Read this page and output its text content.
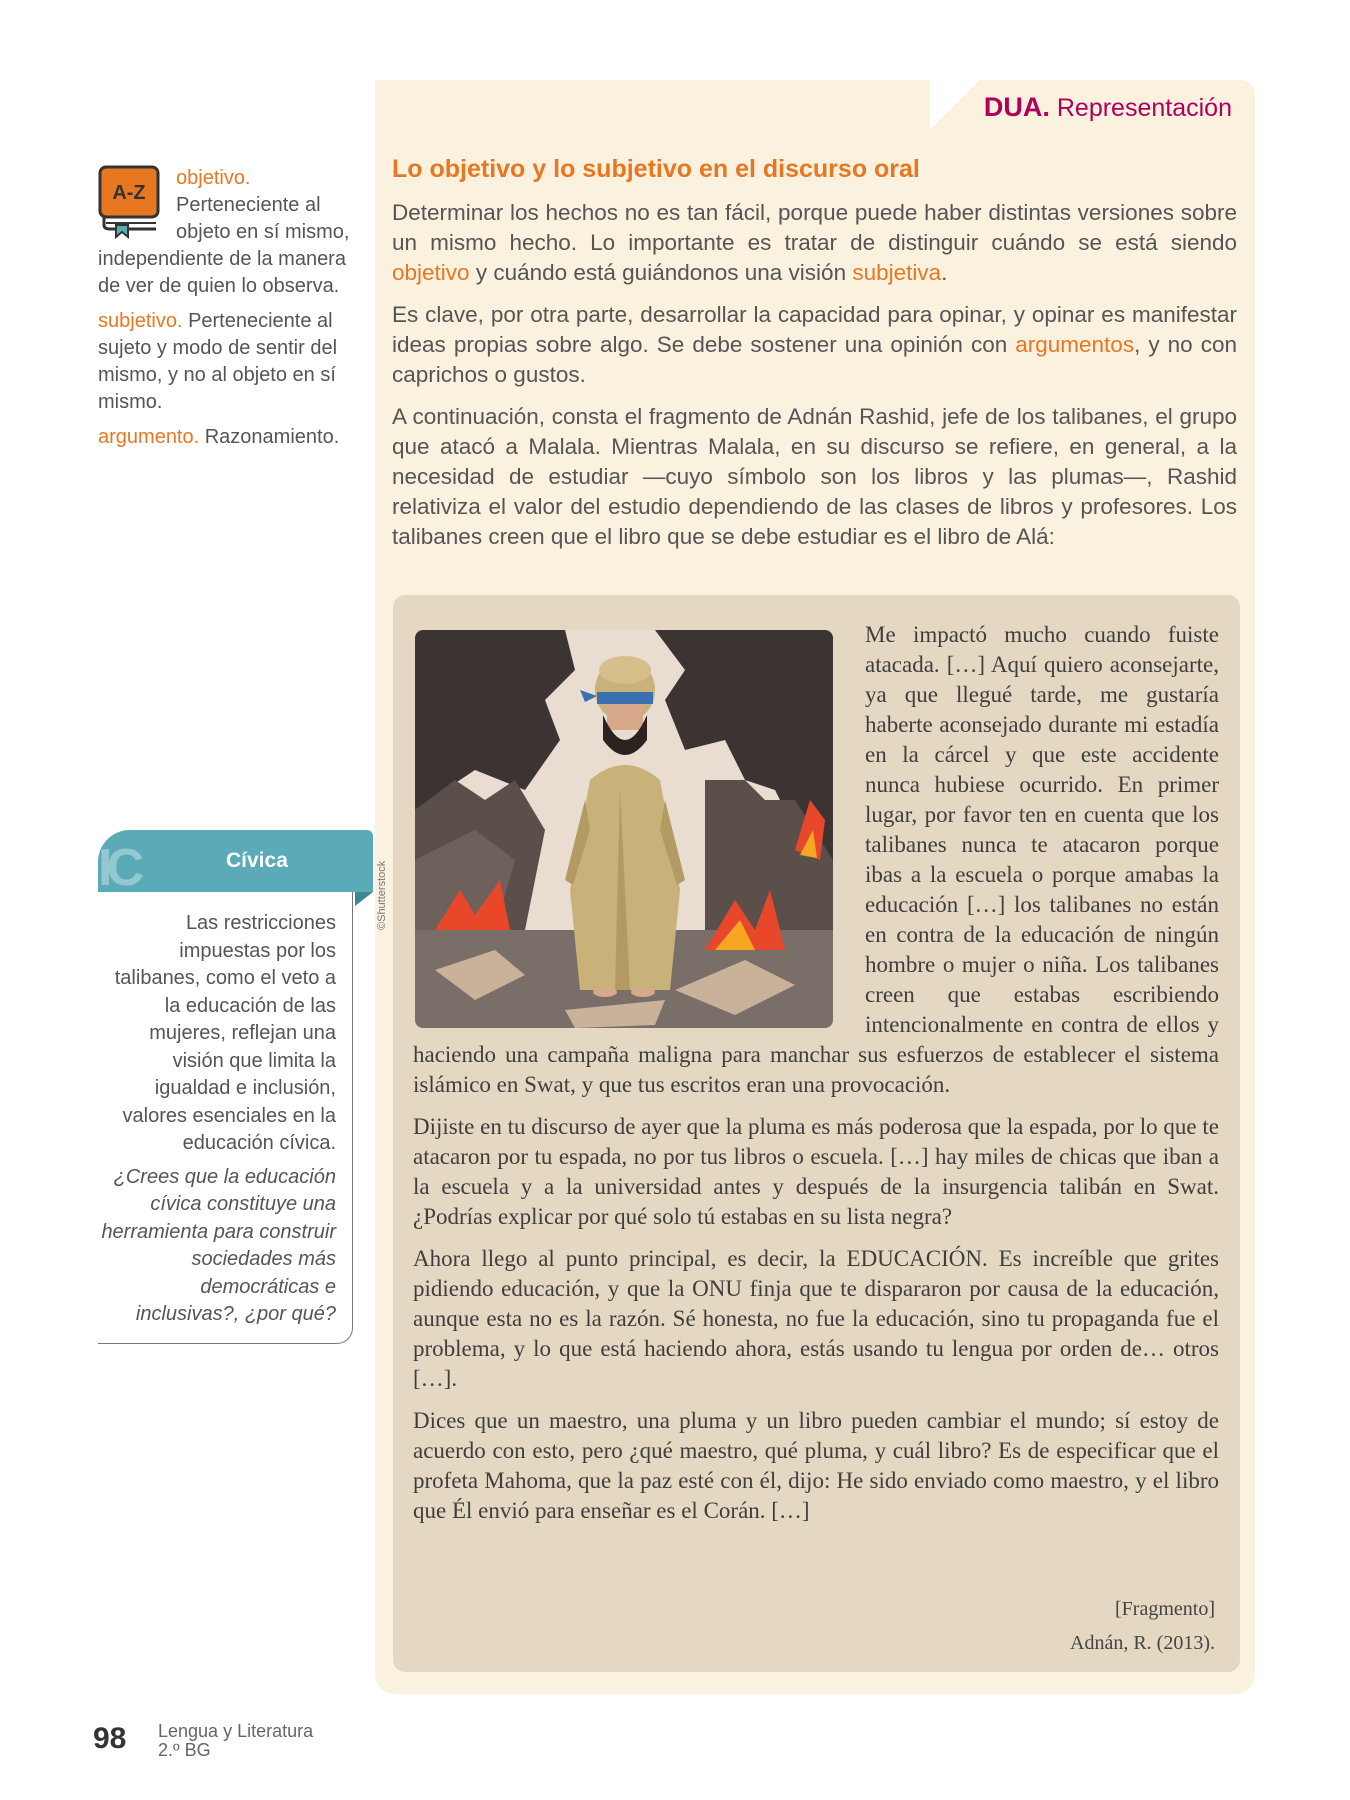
DUA. Representación
A-Z

objetivo. Perteneciente al objeto en sí mismo, independiente de la manera de ver de quien lo observa.

subjetivo. Perteneciente al sujeto y modo de sentir del mismo, y no al objeto en sí mismo.

argumento. Razonamiento.

IC	Cívica

Las restricciones impuestas por los talibanes, como el veto a la educación de las mujeres, reflejan una visión que limita la igualdad e inclusión, valores esenciales en la educación cívica.

¿Crees que la educación cívica constituye una herramienta para construir sociedades más democráticas e inclusivas?, ¿por qué?

Lo objetivo y lo subjetivo en el discurso oral

Determinar los hechos no es tan fácil, porque puede haber distintas versiones sobre un mismo hecho. Lo importante es tratar de distinguir cuándo se está siendo objetivo y cuándo está guiándonos una visión subjetiva.

Es clave, por otra parte, desarrollar la capacidad para opinar, y opinar es manifestar ideas propias sobre algo. Se debe sostener una opinión con argumentos, y no con caprichos o gustos.

A continuación, consta el fragmento de Adnán Rashid, jefe de los talibanes, el grupo que atacó a Malala. Mientras Malala, en su discurso se refiere, en general, a la necesidad de estudiar —cuyo símbolo son los libros y las plumas—, Rashid relativiza el valor del estudio dependiendo de las clases de libros y profesores. Los talibanes creen que el libro que se debe estudiar es el libro de Alá:

©Shutterstock

Me impactó mucho cuando fuiste atacada. […] Aquí quiero aconsejarte, ya que llegué tarde, me gustaría haberte aconsejado durante mi estadía en la cárcel y que este accidente nunca hubiese ocurrido. En primer lugar, por favor ten en cuenta que los talibanes nunca te atacaron porque ibas a la escuela o porque amabas la educación […] los talibanes no están en contra de la educación de ningún hombre o mujer o niña. Los talibanes creen que estabas escribiendo intencionalmente en contra de ellos y haciendo una campaña maligna para manchar sus esfuerzos de establecer el sistema islámico en Swat, y que tus escritos eran una provocación.

Dijiste en tu discurso de ayer que la pluma es más poderosa que la espada, por lo que te atacaron por tu espada, no por tus libros o escuela. […] hay miles de chicas que iban a la escuela y a la universidad antes y después de la insurgencia talibán en Swat. ¿Podrías explicar por qué solo tú estabas en su lista negra?

Ahora llego al punto principal, es decir, la EDUCACIÓN. Es increíble que grites pidiendo educación, y que la ONU finja que te dispararon por causa de la educación, aunque esta no es la razón. Sé honesta, no fue la educación, sino tu propaganda fue el problema, y lo que está haciendo ahora, estás usando tu lengua por orden de… otros […].

Dices que un maestro, una pluma y un libro pueden cambiar el mundo; sí estoy de acuerdo con esto, pero ¿qué maestro, qué pluma, y cuál libro? Es de especificar que el profeta Mahoma, que la paz esté con él, dijo: He sido enviado como maestro, y el libro que Él envió para enseñar es el Corán. […]

[Fragmento]
Adnán, R. (2013).
98 Lengua y Literatura
2.º BG
